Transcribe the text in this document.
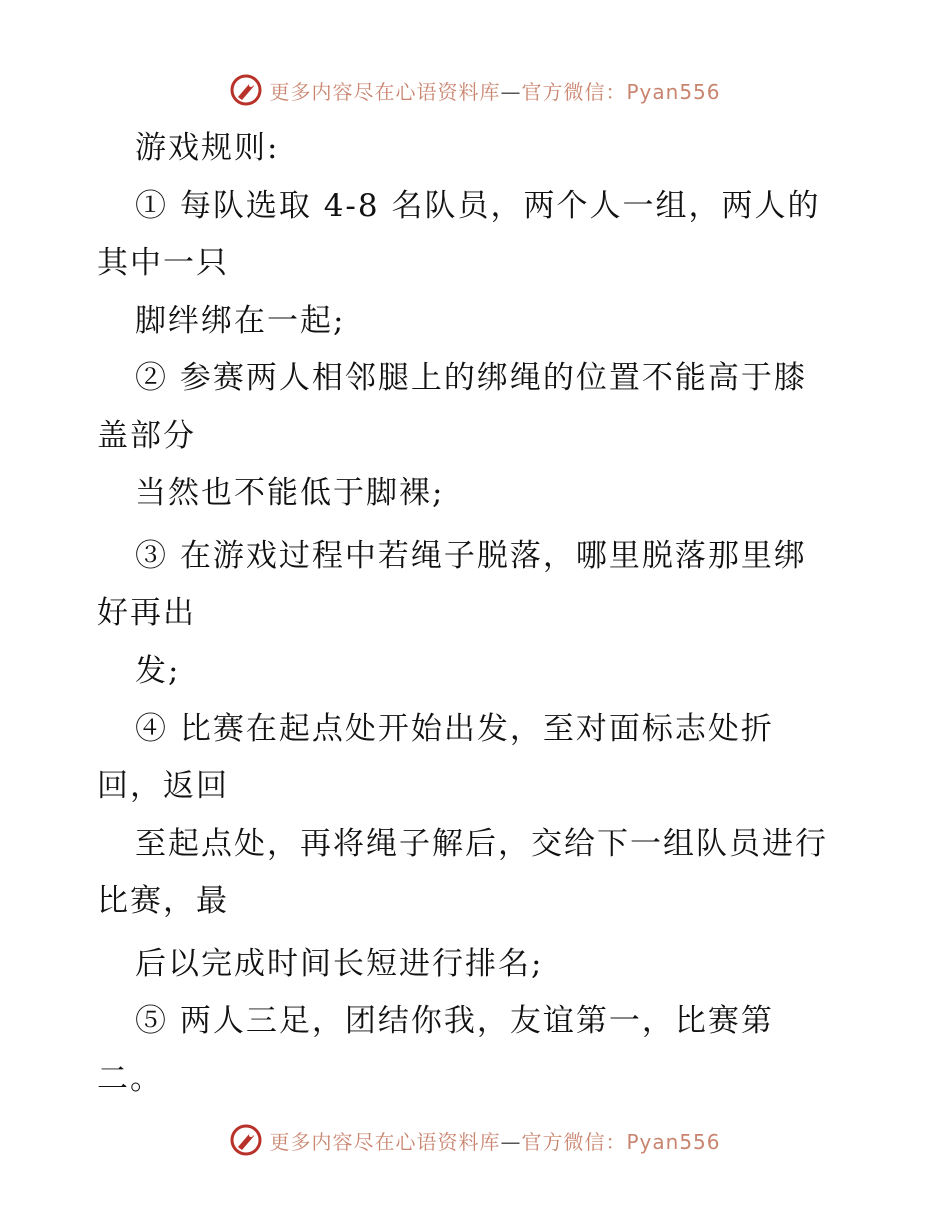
更多内容尽在心语资料库—官方微信：Pyan556
游戏规则:
① 每队选取 4-8 名队员，两个人一组，两人的
其中一只
脚绊绑在一起;
② 参赛两人相邻腿上的绑绳的位置不能高于膝
盖部分
当然也不能低于脚裸;
③ 在游戏过程中若绳子脱落，哪里脱落那里绑
好再出
发;
④ 比赛在起点处开始出发，至对面标志处折
回，返回
至起点处，再将绳子解后，交给下一组队员进行
比赛，最
后以完成时间长短进行排名;
⑤ 两人三足，团结你我，友谊第一，比赛第
二。
更多内容尽在心语资料库—官方微信：Pyan556
